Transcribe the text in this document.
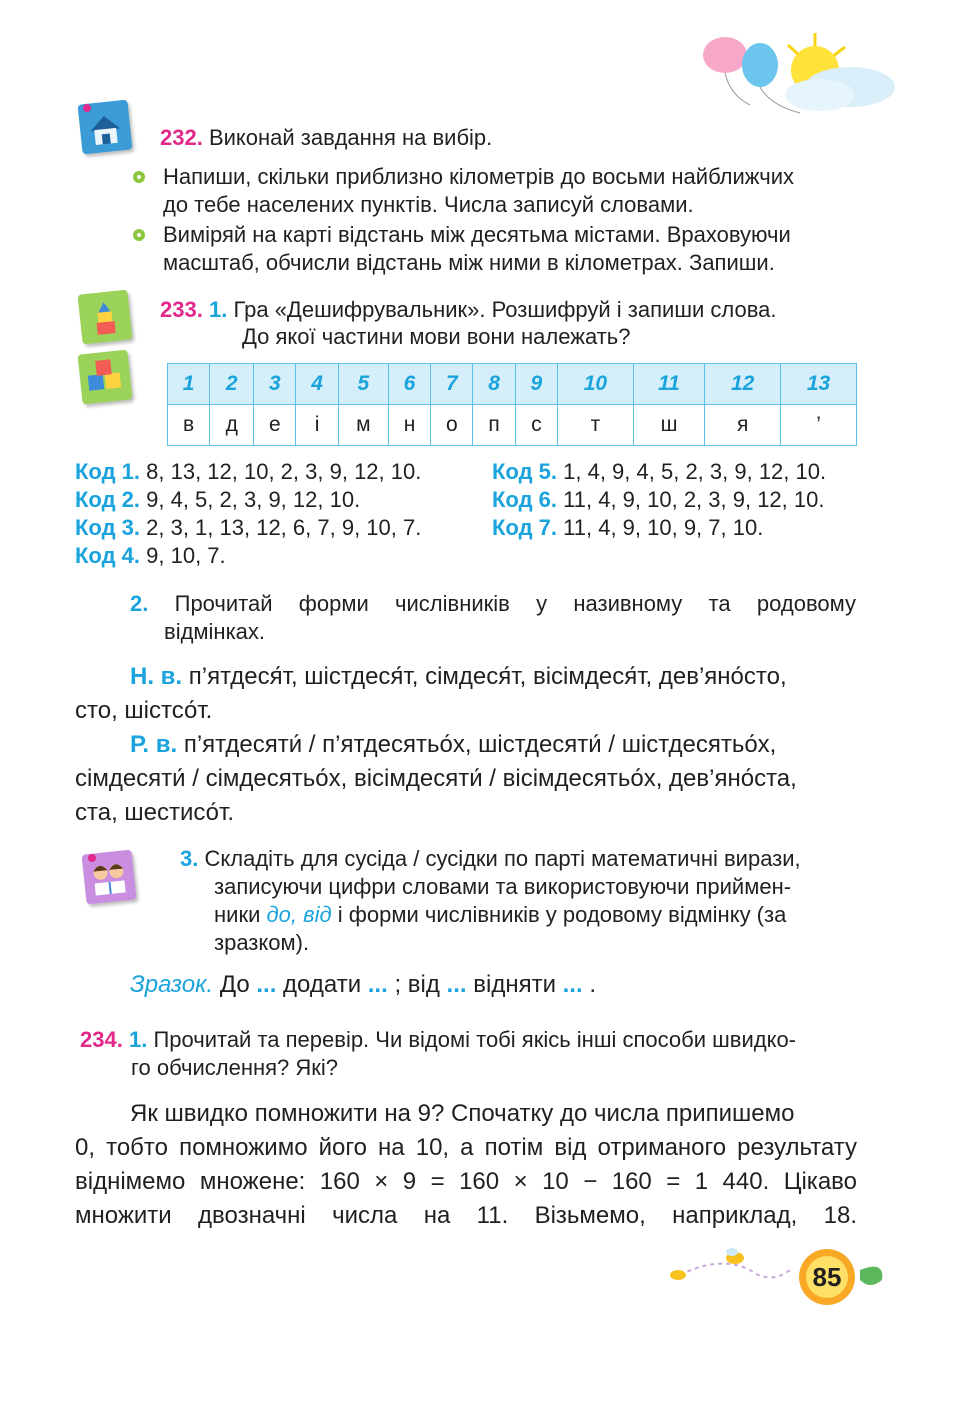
232. Виконай завдання на вибір.
Напиши, скільки приблизно кілометрів до восьми найближчих
до тебе населених пунктів. Числа записуй словами.
Виміряй на карті відстань між десятьма містами. Враховуючи
масштаб, обчисли відстань між ними в кілометрах. Запиши.
233. 1. Гра «Дешифрувальник». Розшифруй і запиши слова.
До якої частини мови вони належать?
1	2	3	4	5	6	7	8	9	10	11	12	13
в	д	е	і	м	н	о	п	с	т	ш	я	’
Код 1. 8, 13, 12, 10, 2, 3, 9, 12, 10.
Код 2. 9, 4, 5, 2, 3, 9, 12, 10.
Код 3. 2, 3, 1, 13, 12, 6, 7, 9, 10, 7.
Код 4. 9, 10, 7.
Код 5. 1, 4, 9, 4, 5, 2, 3, 9, 12, 10.
Код 6. 11, 4, 9, 10, 2, 3, 9, 12, 10.
Код 7. 11, 4, 9, 10, 9, 7, 10.
2. Прочитай форми числівників у називному та родовому
відмінках.
Н. в. п’ятдеся́т, шістдеся́т, сімдеся́т, вісімдеся́т, дев’яно́сто,
сто, шістсо́т.
Р. в. п’ятдесяти́ / п’ятдесятьо́х, шістдесяти́ / шістдесятьо́х,
сімдесяти́ / сімдесятьо́х, вісімдесяти́ / вісімдесятьо́х, дев’яно́ста,
ста, шестисо́т.
3. Складіть для сусіда / сусідки по парті математичні вирази,
записуючи цифри словами та використовуючи приймен-
ники до, від і форми числівників у родовому відмінку (за
зразком).
Зразок. До ... додати ... ; від ... відняти ... .
234. 1. Прочитай та перевір. Чи відомі тобі якісь інші способи швидко-
го обчислення? Які?
Як швидко помножити на 9? Спочатку до числа припишемо
0, тобто помножимо його на 10, а потім від отриманого результату
віднімемо множене: 160 × 9 = 160 × 10 − 160 = 1 440. Цікаво
множити двозначні числа на 11. Візьмемо, наприклад, 18.
85
